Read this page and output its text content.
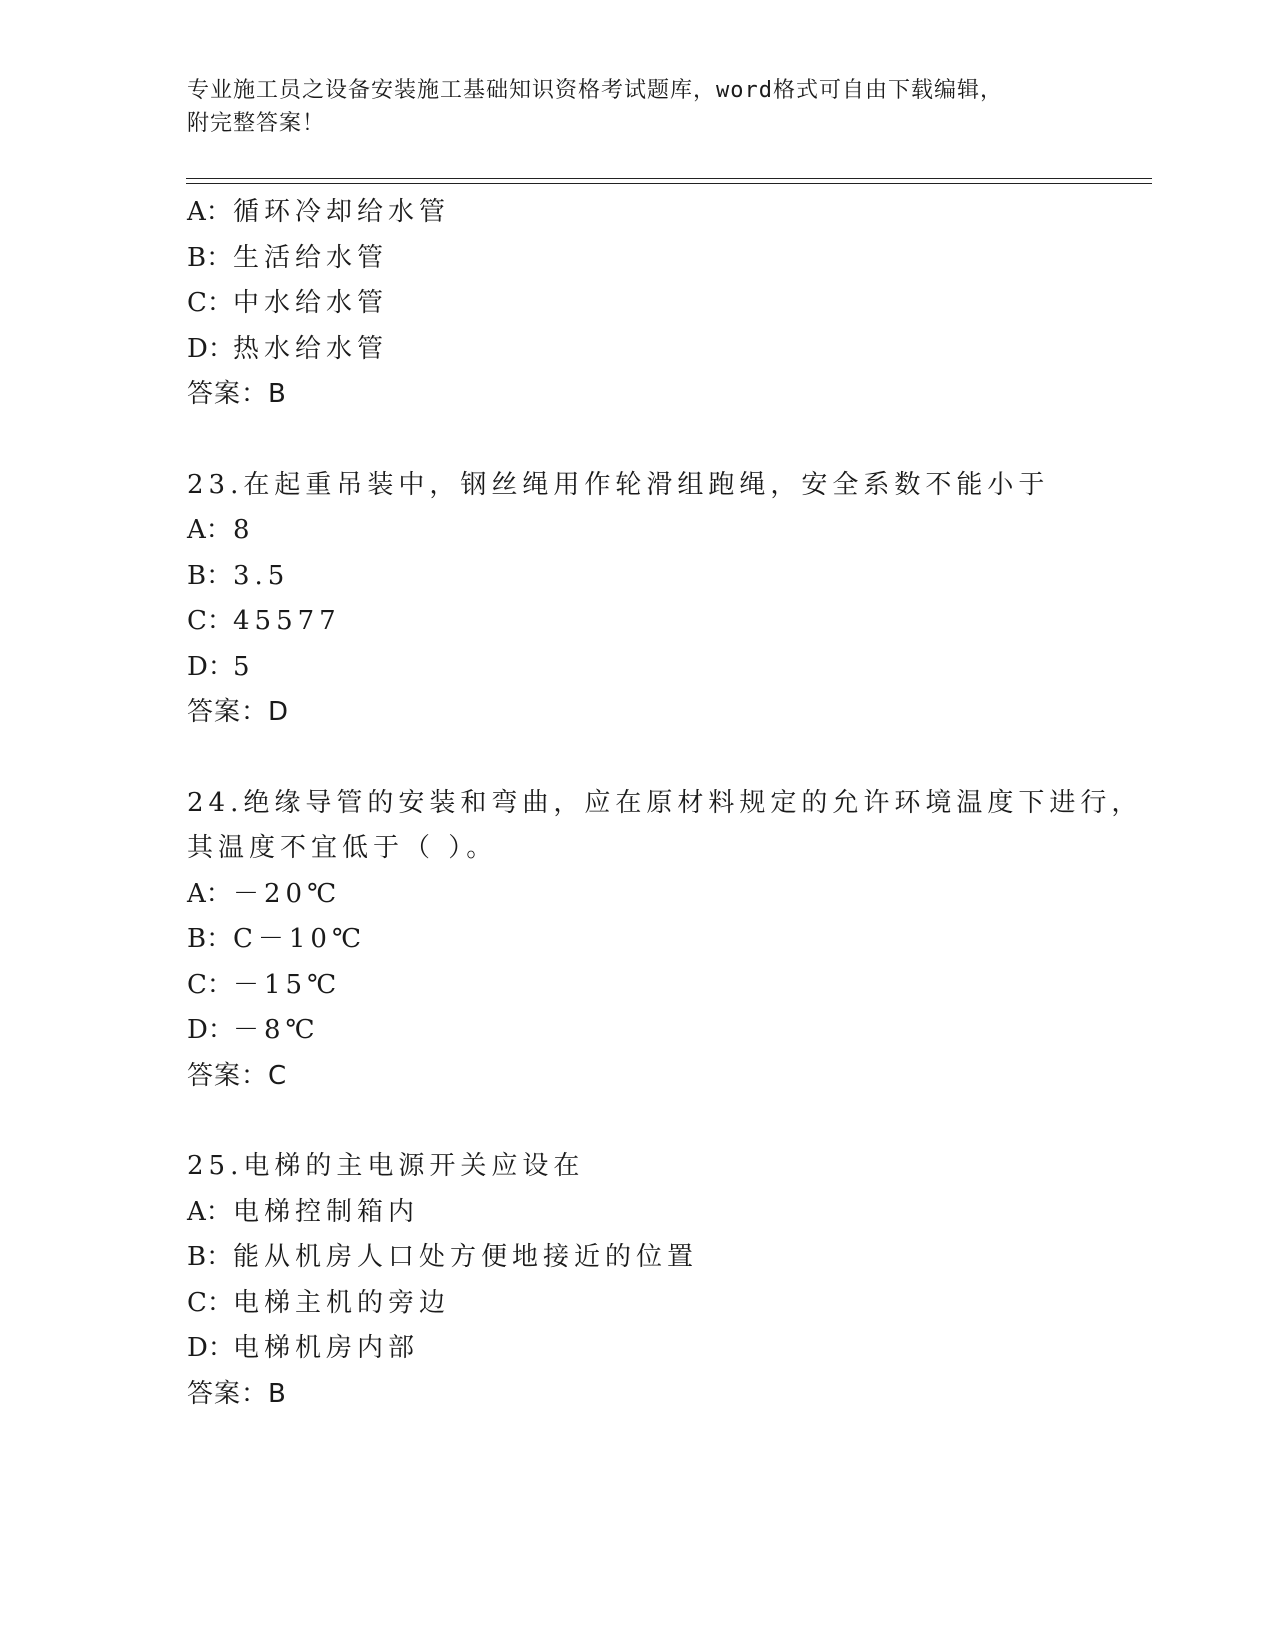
专业施工员之设备安装施工基础知识资格考试题库，word格式可自由下载编辑，
附完整答案！
A：循环冷却给水管
B：生活给水管
C：中水给水管
D：热水给水管
答案：B
23.在起重吊装中，钢丝绳用作轮滑组跑绳，安全系数不能小于
A：8
B：3.5
C：45577
D：5
答案：D
24.绝缘导管的安装和弯曲，应在原材料规定的允许环境温度下进行，
其温度不宜低于（ ）。
A：－20℃
B：C－10℃
C：－15℃
D：－8℃
答案：C
25.电梯的主电源开关应设在
A：电梯控制箱内
B：能从机房人口处方便地接近的位置
C：电梯主机的旁边
D：电梯机房内部
答案：B
